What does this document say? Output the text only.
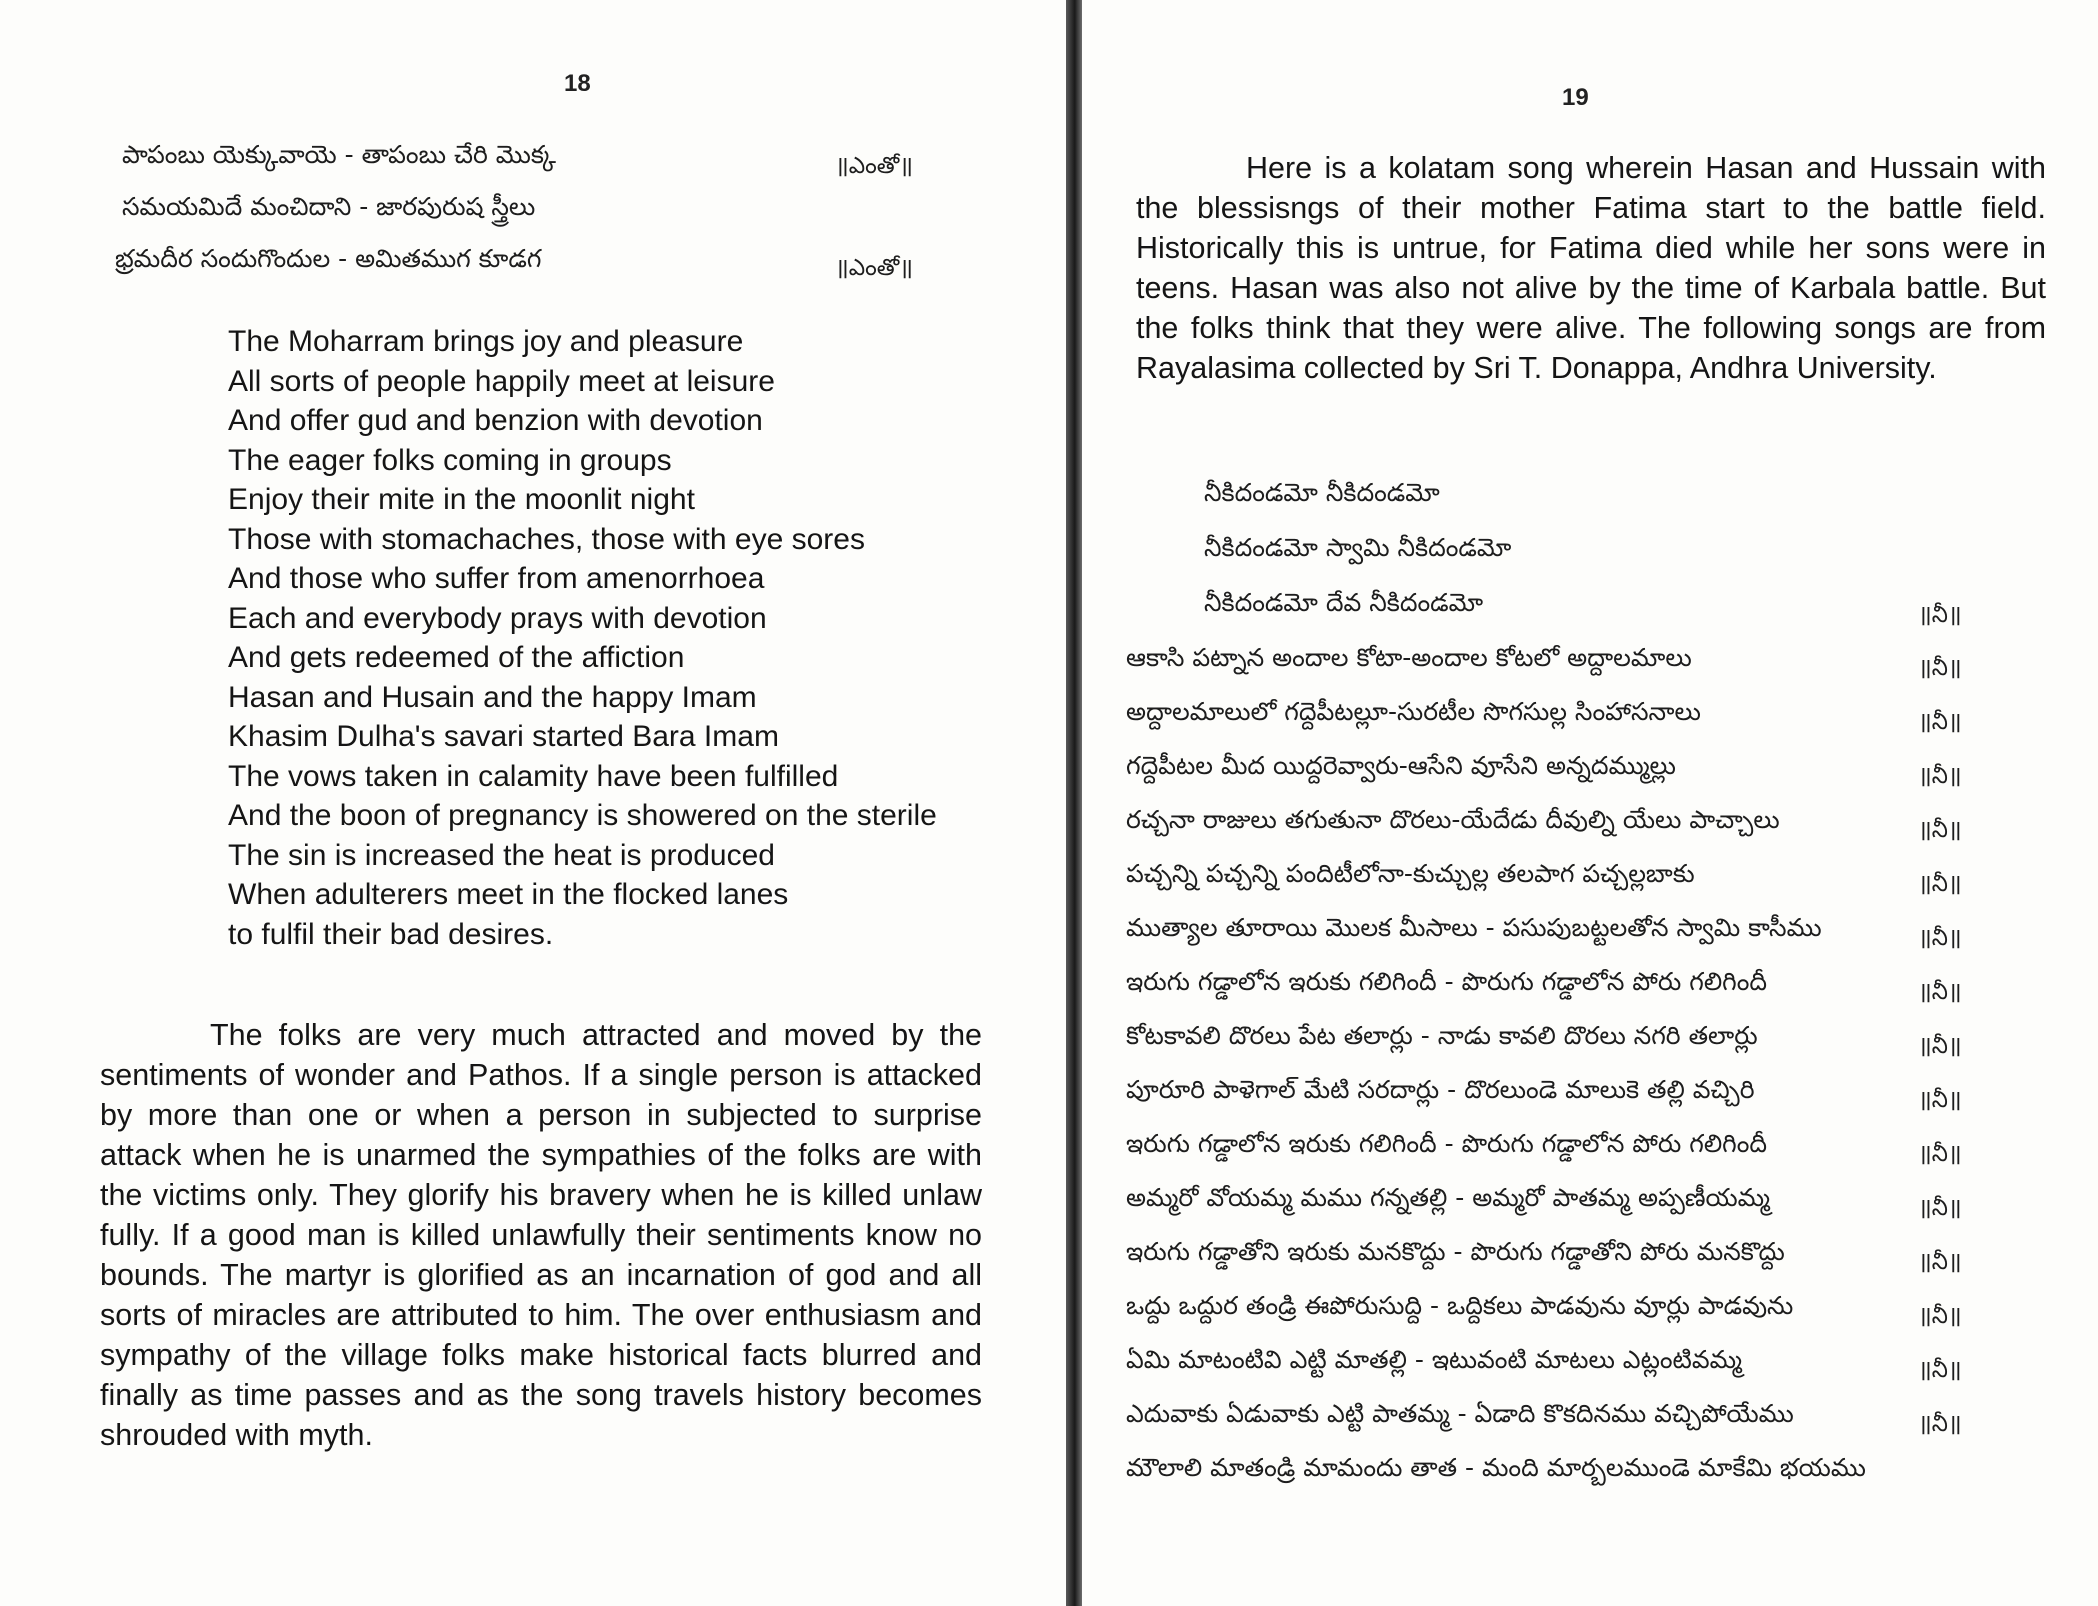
18
పాపంబు యెక్కువాయె - తాపంబు చేరి మొక్క	॥ఎంతో॥
సమయమిదే మంచిదాని - జారపురుష స్త్రీలు
భ్రమదీర సందుగొందుల - అమితముగ కూడగ	॥ఎంతో॥
The Moharram brings joy and pleasure
All sorts of people happily meet at leisure
And offer gud and benzion with devotion
The eager folks coming in groups
Enjoy their mite in the moonlit night
Those with stomachaches, those with eye sores
And those who suffer from amenorrhoea
Each and everybody prays with devotion
And gets redeemed of the affiction
Hasan and Husain and the happy Imam
Khasim Dulha's savari started Bara Imam
The vows taken in calamity have been fulfilled
And the boon of pregnancy is showered on the sterile
The sin is increased the heat is produced
When adulterers meet in the flocked lanes
to fulfil their bad desires.

The folks are very much attracted and moved by the sentiments of wonder and Pathos. If a single person is attacked by more than one or when a person in subjected to surprise attack when he is unarmed the sympathies of the folks are with the victims only. They glorify his bravery when he is killed unlaw fully. If a good man is killed unlawfully their sentiments know no bounds. The martyr is glorified as an incarnation of god and all sorts of miracles are attributed to him. The over enthusiasm and sympathy of the village folks make historical facts blurred and finally as time passes and as the song travels history becomes shrouded with myth.

19

Here is a kolatam song wherein Hasan and Hussain with the blessisngs of their mother Fatima start to the battle field. Historically this is untrue, for Fatima died while her sons were in teens. Hasan was also not alive by the time of Karbala battle. But the folks think that they were alive. The following songs are from Rayalasima collected by Sri T. Donappa, Andhra University.

నీకిదండమో నీకిదండమో
నీకిదండమో స్వామి నీకిదండమో
నీకిదండమో దేవ నీకిదండమో	॥నీ॥
ఆకాసి పట్నాన అందాల కోటా-అందాల కోటలో అద్దాలమాలు	॥నీ॥
అద్దాలమాలులో గద్దెపీటల్లూ-సురటీల సొగసుల్ల సింహాసనాలు	॥నీ॥
గద్దెపీటల మీద యిద్దరెవ్వారు-ఆసేని వూసేని అన్నదమ్ముల్లు	॥నీ॥
రచ్చనా రాజులు తగుతునా దొరలు-యేదేడు దీవుల్ని యేలు పాచ్చాలు	॥నీ॥
పచ్చన్ని పచ్చన్ని పందిటీలోనా-కుచ్చుల్ల తలపాగ పచ్చల్లబాకు	॥నీ॥
ముత్యాల తూరాయి మొలక మీసాలు - పసుపుబట్టలతోన స్వామి కాసీము	॥నీ॥
ఇరుగు గడ్డాలోన ఇరుకు గలిగిందీ - పొరుగు గడ్డాలోన పోరు గలిగిందీ	॥నీ॥
కోటకావలి దొరలు పేట తలార్లు - నాడు కావలి దొరలు నగరి తలార్లు	॥నీ॥
పూరూరి పాళెగాల్ మేటి సరదార్లు - దొరలుండె మాలుకె తల్లి వచ్చిరి	॥నీ॥
ఇరుగు గడ్డాలోన ఇరుకు గలిగిందీ - పొరుగు గడ్డాలోన పోరు గలిగిందీ	॥నీ॥
అమ్మరో వోయమ్మ మము గన్నతల్లి - అమ్మరో పాతమ్మ అప్పణీయమ్మ	॥నీ॥
ఇరుగు గడ్డాతోని ఇరుకు మనకొద్దు - పొరుగు గడ్డాతోని పోరు మనకొద్దు	॥నీ॥
ఒద్దు ఒద్దుర తండ్రి ఈపోరుసుద్ది - ఒద్దికలు పాడవును వూర్లు పాడవును	॥నీ॥
ఏమి మాటంటివి ఎట్టి మాతల్లి - ఇటువంటి మాటలు ఎట్లంటివమ్మ	॥నీ॥
ఎదువాకు ఏడువాకు ఎట్టి పాతమ్మ - ఏడాది కొకదినము వచ్చిపోయేము	॥నీ॥
మౌలాలి మాతండ్రి మామందు తాత - మంది మార్బలముండె మాకేమి భయము
